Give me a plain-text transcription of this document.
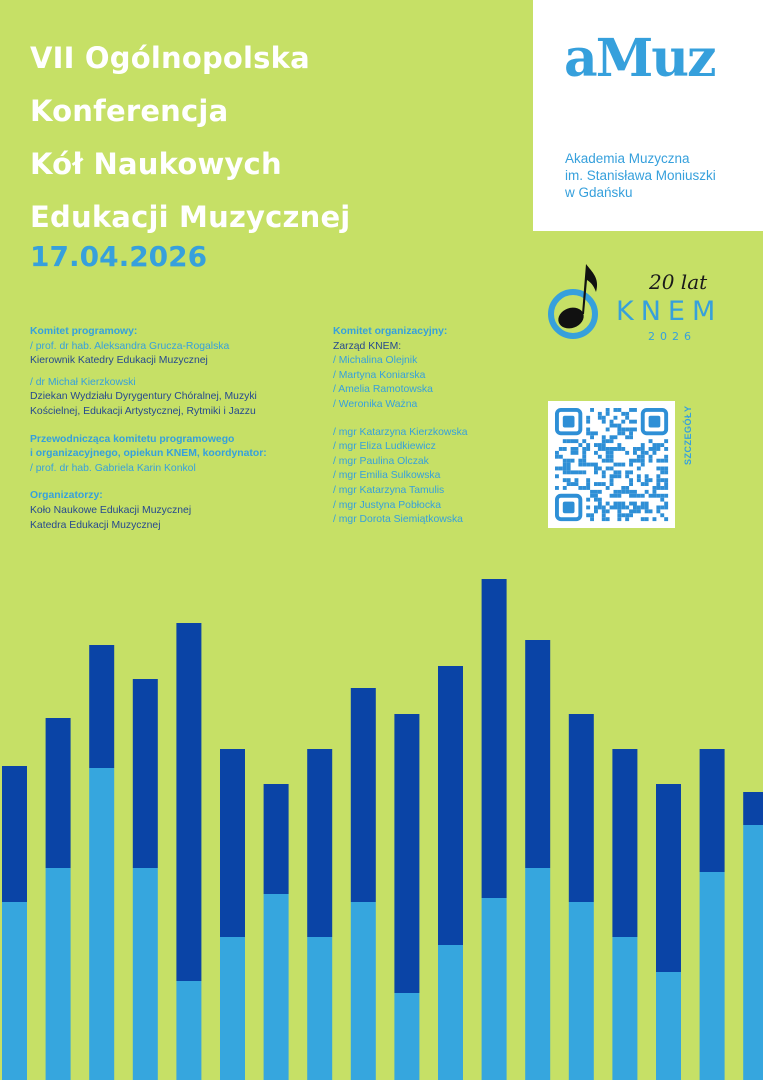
VII Ogólnopolska
Konferencja
Kół Naukowych
Edukacji Muzycznej
17.04.2026
aMuz
Akademia Muzyczna
im. Stanisława Moniuszki
w Gdańsku
20 lat
KNEM
2026
Komitet programowy:
/ prof. dr hab. Aleksandra Grucza-Rogalska
Kierownik Katedry Edukacji Muzycznej
/ dr Michał Kierzkowski
Dziekan Wydziału Dyrygentury Chóralnej, Muzyki
Kościelnej, Edukacji Artystycznej, Rytmiki i Jazzu
Przewodnicząca komitetu programowego
i organizacyjnego, opiekun KNEM, koordynator:
/ prof. dr hab. Gabriela Karin Konkol
Organizatorzy:
Koło Naukowe Edukacji Muzycznej
Katedra Edukacji Muzycznej
Komitet organizacyjny:
Zarząd KNEM:
/ Michalina Olejnik
/ Martyna Koniarska
/ Amelia Ramotowska
/ Weronika Ważna
/ mgr Katarzyna Kierzkowska
/ mgr Eliza Ludkiewicz
/ mgr Paulina Olczak
/ mgr Emilia Sulkowska
/ mgr Katarzyna Tamulis
/ mgr Justyna Pobłocka
/ mgr Dorota Siemiątkowska
SZCZEGÓŁY
